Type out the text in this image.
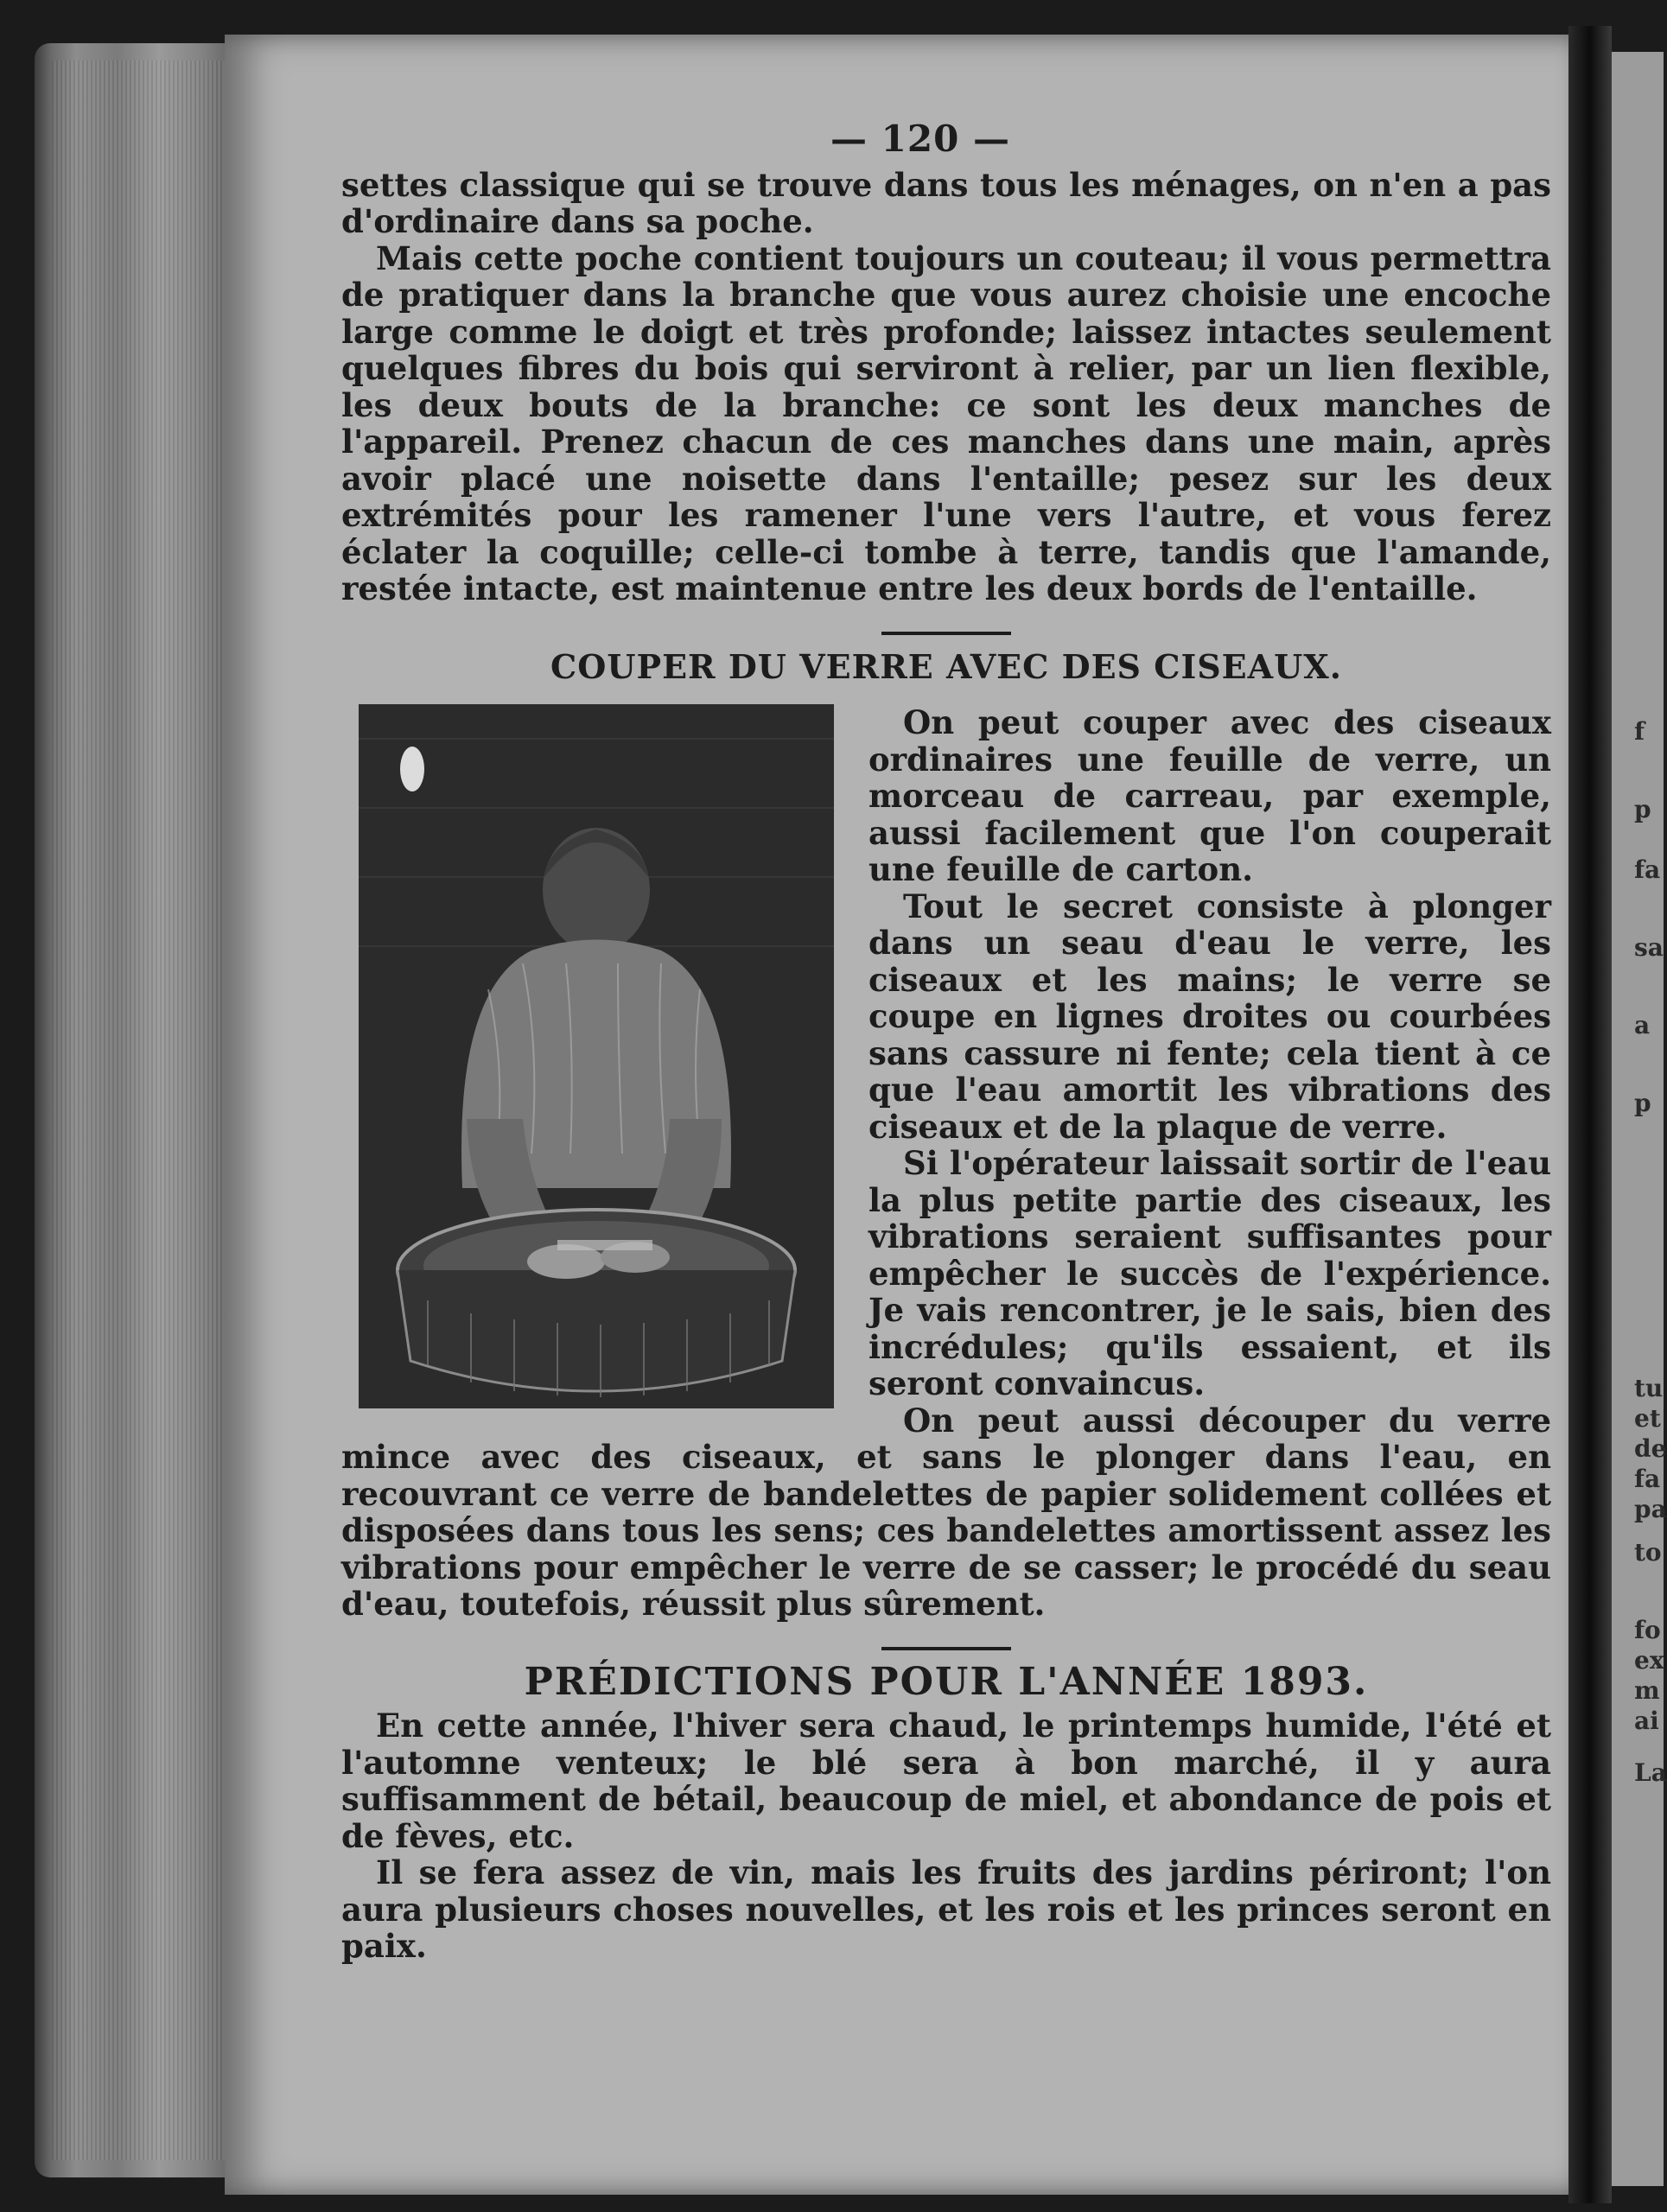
f
p
fa
sa
a
p
tu
et
de
fa
pa
to
fo
ex
m
ai
La
— 120 —

settes classique qui se trouve dans tous les ménages, on n'en a pas d'ordinaire dans sa poche.

Mais cette poche contient toujours un couteau; il vous permettra de pratiquer dans la branche que vous aurez choisie une encoche large comme le doigt et très profonde; laissez intactes seulement quelques fibres du bois qui serviront à relier, par un lien flexible, les deux bouts de la branche: ce sont les deux manches de l'appareil. Prenez chacun de ces manches dans une main, après avoir placé une noisette dans l'entaille; pesez sur les deux extrémités pour les ramener l'une vers l'autre, et vous ferez éclater la coquille; celle-ci tombe à terre, tandis que l'amande, restée intacte, est maintenue entre les deux bords de l'entaille.

COUPER DU VERRE AVEC DES CISEAUX.

On peut couper avec des ciseaux ordinaires une feuille de verre, un morceau de carreau, par exemple, aussi facilement que l'on couperait une feuille de carton.

Tout le secret consiste à plonger dans un seau d'eau le verre, les ciseaux et les mains; le verre se coupe en lignes droites ou courbées sans cassure ni fente; cela tient à ce que l'eau amortit les vibrations des ciseaux et de la plaque de verre.

Si l'opérateur laissait sortir de l'eau la plus petite partie des ciseaux, les vibrations seraient suffisantes pour empêcher le succès de l'expérience. Je vais rencontrer, je le sais, bien des incrédules; qu'ils essaient, et ils seront convaincus.

On peut aussi découper du verre mince avec des ciseaux, et sans le plonger dans l'eau, en recouvrant ce verre de bandelettes de papier solidement collées et disposées dans tous les sens; ces bandelettes amortissent assez les vibrations pour empêcher le verre de se casser; le procédé du seau d'eau, toutefois, réussit plus sûrement.

PRÉDICTIONS POUR L'ANNÉE 1893.

En cette année, l'hiver sera chaud, le printemps humide, l'été et l'automne venteux; le blé sera à bon marché, il y aura suffisamment de bétail, beaucoup de miel, et abondance de pois et de fèves, etc.

Il se fera assez de vin, mais les fruits des jardins périront; l'on aura plusieurs choses nouvelles, et les rois et les princes seront en paix.
